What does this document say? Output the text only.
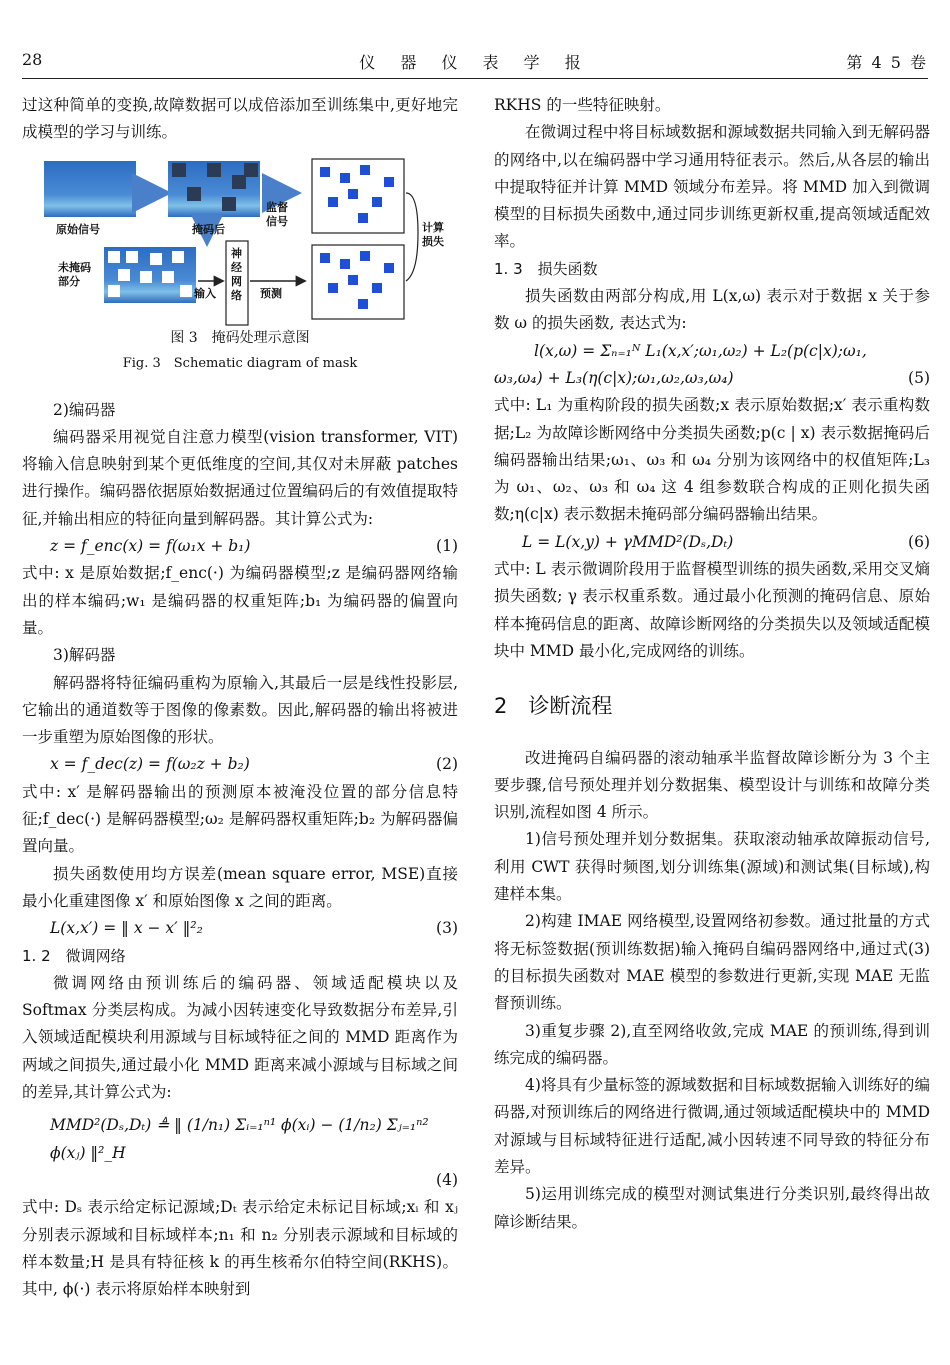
28	仪 器 仪 表 学 报	第 4 5 卷

过这种简单的变换,故障数据可以成倍添加至训练集中,更好地完成模型的学习与训练。

原始信号	掩码后
监督信号	计算损失
未掩码部分
输入
神经网络 预测
图 3　掩码处理示意图
Fig. 3　Schematic diagram of mask

2)编码器

编码器采用视觉自注意力模型(vision transformer, VIT)将输入信息映射到某个更低维度的空间,其仅对未屏蔽 patches 进行操作。编码器依据原始数据通过位置编码后的有效值提取特征,并输出相应的特征向量到解码器。其计算公式为:

z = f_enc(x) = f(ω₁x + b₁)	(1)

式中: x 是原始数据;f_enc(·) 为编码器模型;z 是编码器网络输出的样本编码;w₁ 是编码器的权重矩阵;b₁ 为编码器的偏置向量。

3)解码器

解码器将特征编码重构为原输入,其最后一层是线性投影层,它输出的通道数等于图像的像素数。因此,解码器的输出将被进一步重塑为原始图像的形状。

x = f_dec(z) = f(ω₂z + b₂)	(2)

式中: x′ 是解码器输出的预测原本被淹没位置的部分信息特征;f_dec(·) 是解码器模型;ω₂ 是解码器权重矩阵;b₂ 为解码器偏置向量。

损失函数使用均方误差(mean square error, MSE)直接最小化重建图像 x′ 和原始图像 x 之间的距离。

L(x,x′) = ‖ x − x′ ‖²₂	(3)

1. 2　微调网络

微调网络由预训练后的编码器、领域适配模块以及 Softmax 分类层构成。为减小因转速变化导致数据分布差异,引入领域适配模块利用源域与目标域特征之间的 MMD 距离作为两域之间损失,通过最小化 MMD 距离来减小源域与目标域之间的差异,其计算公式为:

MMD²(Dₛ,Dₜ) ≜ ‖ (1/n₁) Σᵢ₌₁ⁿ¹ ϕ(xᵢ) − (1/n₂) Σⱼ₌₁ⁿ² ϕ(xⱼ) ‖²_H
(4)

式中: Dₛ 表示给定标记源域;Dₜ 表示给定未标记目标域;xᵢ 和 xⱼ 分别表示源域和目标域样本;n₁ 和 n₂ 分别表示源域和目标域的样本数量;H 是具有特征核 k 的再生核希尔伯特空间(RKHS)。其中, ϕ(·) 表示将原始样本映射到

RKHS 的一些特征映射。

在微调过程中将目标域数据和源域数据共同输入到无解码器的网络中,以在编码器中学习通用特征表示。然后,从各层的输出中提取特征并计算 MMD 领域分布差异。将 MMD 加入到微调模型的目标损失函数中,通过同步训练更新权重,提高领域适配效率。

1. 3　损失函数

损失函数由两部分构成,用 L(x,ω) 表示对于数据 x 关于参数 ω 的损失函数, 表达式为:

l(x,ω) = Σₙ₌₁ᴺ L₁(x,x′;ω₁,ω₂) + L₂(p(c|x);ω₁,
ω₃,ω₄) + L₃(η(c|x);ω₁,ω₂,ω₃,ω₄)	(5)

式中: L₁ 为重构阶段的损失函数;x 表示原始数据;x′ 表示重构数据;L₂ 为故障诊断网络中分类损失函数;p(c | x) 表示数据掩码后编码器输出结果;ω₁、ω₃ 和 ω₄ 分别为该网络中的权值矩阵;L₃ 为 ω₁、ω₂、ω₃ 和 ω₄ 这 4 组参数联合构成的正则化损失函数;η(c|x) 表示数据未掩码部分编码器输出结果。

L = L(x,y) + γMMD²(Dₛ,Dₜ)	(6)

式中: L 表示微调阶段用于监督模型训练的损失函数,采用交叉熵损失函数; γ 表示权重系数。通过最小化预测的掩码信息、原始样本掩码信息的距离、故障诊断网络的分类损失以及领域适配模块中 MMD 最小化,完成网络的训练。

2　诊断流程

改进掩码自编码器的滚动轴承半监督故障诊断分为 3 个主要步骤,信号预处理并划分数据集、模型设计与训练和故障分类识别,流程如图 4 所示。

1)信号预处理并划分数据集。获取滚动轴承故障振动信号,利用 CWT 获得时频图,划分训练集(源域)和测试集(目标域),构建样本集。

2)构建 IMAE 网络模型,设置网络初参数。通过批量的方式将无标签数据(预训练数据)输入掩码自编码器网络中,通过式(3)的目标损失函数对 MAE 模型的参数进行更新,实现 MAE 无监督预训练。

3)重复步骤 2),直至网络收敛,完成 MAE 的预训练,得到训练完成的编码器。

4)将具有少量标签的源域数据和目标域数据输入训练好的编码器,对预训练后的网络进行微调,通过领域适配模块中的 MMD 对源域与目标域特征进行适配,减小因转速不同导致的特征分布差异。

5)运用训练完成的模型对测试集进行分类识别,最终得出故障诊断结果。
